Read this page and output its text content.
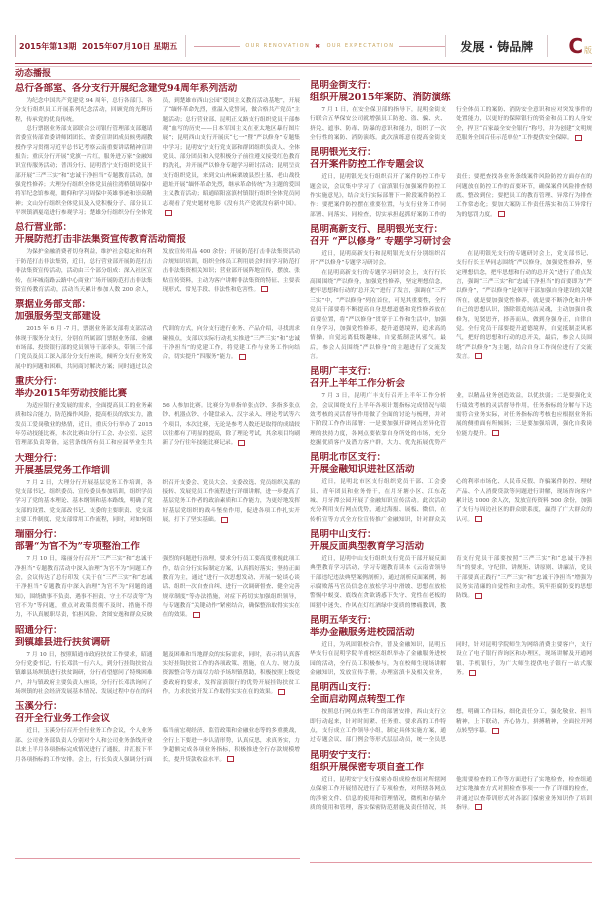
2015年第13期
2015年07月10日
星期五	OUR RENOVATION ✖ OUR EXPECTATION	发展 · 铸品牌	C 版
动态播报
总行各部室、各分支行开展纪念建党94周年系列活动

为纪念中国共产党建党 94 周年，总行各部门、各分支行组织员工开展系列纪念活动，回顾党的光辉历程，传承党的优良传统。

总行票据业务部支部联合公司银行管理部支部邀请省委宣传部省委讲师团团长、省委宣讲团成员候勇副教授作学习贯彻习近平总书记考察云南重要讲话精神宣讲报告；重庆分行开展“党旗一片红，服务进万家”金融知识宣传服务活动；普洱分行、昆明普宁支行组织党员干部开展“三严三实”和“忠诚干净担当”专题教育活动，加强党性修养；大理分行组织全体党员前往湾桥镇周保中将军纪念馆参观，瞻仰和学习周保中英雄事迹和崇高精神；文山分行组织全体党员及入党积极分子、部分员工平坝镇洒戛竜进行参观学习；楚雄分行组织分行全体党员，到楚雄市西山公园“爱国主义教育活动基地”，开展了“缅怀革命先烈，重温入党誓词，做合格共产党员”主题活动；总行营业部、昆明正义路支行组织党员干部参观“血写的历史——日本军国主义在亚太地区暴行图片展”；昆明西山支行开展庆“七一”暨“严以修身”专题集中学习；昆明安宁支行党支部和群团组织负责人、全体党员、部分团员和入党积极分子前往遵义接受红色教育的洗礼，并开展严以修身专题学习研讨活动；昆明呈贡支行组织党员，来到文山州麻栗坡县烈士墓、老山战役遗址开展“缅怀革命先烈，继承革命传统”为主题的爱国主义教育活动；昭通昭阳富滇村镇银行组织全体党员同志观看了党史题材电影《没有共产党就没有新中国》。

总行营业部：
开展防范打击非法集资宣传教育活动简报

为保护金融消费者切身利益，维护社会稳定和有利于防范打击非法集资，近日，总行营业部开展防范打击非法集资宣传活动，活动由三个部分组成：深入社区宣传，在环城南路云路中心商业广场开展防范打击非法集资宣传教育活动，活动当天累计参加人数 200 余人，发放宣传用品 400 余份；开展防范打击非法集资活动合规知识培训，组织全体员工利用晨会时间学习防范打击非法集资相关知识；营业部开展阵地宣传，摆放、张贴宣传资料，主动为客户讲解非法集资的特征、主要表现形式、常见手段、非法性和危害性。

票据业务部支部：
加强服务型支部建设

2015 年 6 月 -7 月，票据业务部支部将支部活动体现于服务分支行，分别在所属部门票据业务部、金融市场部、投资银行部的党员领导干部牵头，带领三个部门党员及员工深入部分分支行座谈，倾听分支行业务发展中的问题和困难，共同商讨解决方案；同时通过以会代训的方式，向分支行进行业务、产品介绍，寻找需求碰撞点，支部以实际行动扎实推进“三严三实”和“忠诚干净担当”的党建工作，将党建工作与业务工作向结合，切实提升“四服务”能力。

重庆分行：
举办2015年劳动技能比赛

为适应银行业发展的需求，全面提高员工的业务素质和综合能力，防范操作风险，提高柜员的软实力，激发员工爱岗敬业的热情，近日，重庆分行举办了 2015 年劳动技能比赛，本次比赛由分行工会、办公室、运营管理部负责筹备，运营条线所有员工和应届毕业生共 56 人参加比赛。比赛分为单指单张点钞、多指多张点钞、机器点钞、小键盘录入、汉字录入、理论考试等六个项目，本次比赛，无论是参考人数还是取得的成绩较以往都有了明显的提高，除了理论考试，其余项目均刷新了分行往年技能比赛记录。

大理分行：
开展基层党务工作培训

7 月 2 日，大理分行开展基层党务工作培训，各党支部书记、组织委员、宣传委员参加培训，组织学员学习了党的基本理论、基本纲领和基本路线，明确了党支部的设置、党支部改书记、支委的主要职责、党支部主要工作制度、党支部常用工作流程，同时，对如何组织召开支委会、党员大会、支委改选、党员组织关系的接转、发展党员工作流程进行详细讲解，进一步提高了基层党务工作者的政治素质和工作能力，为更好地发挥好基层党组织的战斗堡垒作用，促进各项工作扎实开展，打下了坚实基础。

瑞丽分行：
部署“为官不为”专项整治工作

7 月 10 日，瑞丽分行召开“三严三实”和“忠诚干净担当”专题教育活动中深入治理“为官不为”问题工作会，会议传达了总行印发《关于在“三严三实”和“忠诚干净担当”专题教育中深入治理“为官不为”问题的通知》，围绕做事不负责、遇事不担责、守土不尽责等“为官不为”等问题，重点对政策贯彻不及时、措施不得力，不认真履职尽责，怕担风险、贪图安逸和群众反映强烈的问题进行治理，要求分行员工要高度重视此项工作，结合分行实际制定方案，认真抓好落实；坚持正面教育为主，通过“进行一次思想发动、开展一轮谈心谈话、组织一次自查自纠、进行一次调研督查、健全完善规章制度”等办法措施，对症下药切实加强组织领导，与专题教育“关键动作”紧密结合，确保整治取得实实在在的效果。

昭通分行：
到镇雄县进行扶贫调研

7 月 10 日，按照昭通市政府扶贫工作要求，昭通分行党委书记、行长邓洪一行六人，到分行挂钩扶贫点镇雄县场坝镇进行扶贫调研，分行看望慰问了特殊困难户，并与镇政府主要负责人座谈，分行行长邓洪询问了场坝镇的社会经济发展基本情况、发展过程中存在的问题及困难和当地群众的实际需求，同时，表示将认真落实好挂钩扶贫工作的各项政策、措施，在人力、财力及资源整合等方面尽力给予场坝镇帮助，积极按照上级党委政府的要求，发挥富滇银行的优势开展挂钩扶贫工作，力求扶贫开发工作取得实实在在的效果。

玉溪分行：
召开全行业务工作会议

近日，玉溪分行召开全行业务工作会议，个人业务部、公司业务部负责人分别对个人和公司业务条线开业以来上半月各项指标完成情况进行了通报，并汇报下半月各项指标的工作安排。会上，行长负责人强调分行面临当前宏观经济、监管政策和金融业态等的多重挑战，全行上下要进一步认清形势，认真反思，求真务实，力争超额完成各项业务指标，积极推进全行存款规模增长，提升贷款收益水平。

昆明金街支行：
组织开展2015年案防、消防演练

7 月 1 日，在安全保卫部的指导下，昆明金街支行联合五华保安公司就增强员工防抢、盗、骗、火、挤兑、遮事、防毒、防暴的意识和能力，组织了一次全行性的案防、消防演练。此次演练意在提高金街支行全体员工的案防、消防安全意识和应对突发事件的处置能力，以更好的保障银行的资金和员工的人身安全，捍卫“百家最全安全银行”称号，并为创建“文明规范服务全国百佳示范单位”工作提供安全保障。

昆明银光支行：
召开案件防控工作专题会议

近日，昆明银光支行组织召开了案件防控工作专题会议，会议集中学习了《富滇银行加强案件防控工作实施意见》，结合支行实际部署下一阶段案件防控工作：要把案件防控摆在重要位置，与支行业务工作同部署、同落实、同检查，切实承担起抓好案防工作的责任；要把查找各业务条线案件风险防控方面存在的问题放在防控工作的首要环节，确保案件风险排查彻底、整改到位；要把员工的教育管理、异常行为排查工作常态化；要加大案防工作责任落实和员工异常行为的惩罚力度。

昆明高新支行、昆明银光支行：
召开 “严以修身” 专题学习研讨会

近日，昆明高新支行和昆明银光支行分别组织召开“严以修身”专题学习研讨会。

在昆明高新支行的专题学习研讨会上，支行行长高围围绕“严以修身，加强党性修养，坚定理想信念，把牢思想和行动的‘总开关’”进行了发言，强调在“三严三实”中，“严以修身”列在首位，可见其重要性，全行党员干部要将不断提高自身思想道德和党性修养放在首要位置，将“严以修身”贯穿于工作和生活中，加强自身学习，加强党性修养，提升道德境界，追求高尚情操，自觉远离低级趣味，自觉抵制歪风邪气。最后，参会人员围绕“严以修身”的主题进行了交流发言。

在昆明银光支行的专题研讨会上，党支部书记、支行行长王华同志围绕“严以修身，加强党性修养，坚定理想信念，把牢思想和行动的总开关”进行了重点发言，强调“三严三实”和“忠诚干净担当”的首要即为“严以修身”，“严以修身”是领导干部加强自身建设的关键所在，就是要加强党性修养，就是要不断净化和升华自己的思想认识，涤除银造纯洁灵魂，主动加强自我修为，见贤思齐，择善而从，做到身强身正，自律自觉。全行党员干部要提升道德境界，自觉抵制歪风邪气，把好的思想和行动的总开关，最后，参会人员围绕“严以修身”为主题，结合自身工作岗位进行了交流发言。

昆明广丰支行：
召开上半年工作分析会

7 月 3 日，昆明广丰支行召开上半年工作分析会，会议围绕支行上半年各项计划指标完成情况与绩效考核的灵活督导作用做了全面的讨论与梳理，并对下阶段工作作出部署：一是要加强开辟网点差异化管理的扶持力度，各网点要依靠自身所处的市场，充分挖掘优质客户及潜力客户群，大力、优先拓展优势产业，以精品业务创造效益，以优扶弱；二是要强化支行绩效考核的灵活督导作用，任务指标的分解与下达需符合业务实际，对任务指标的考核也应根据业务拓展的侧重面有所倾斜；三是要加强培训，强化自我岗位能力提升。

昆明北市区支行：
开展金融知识进社区活动

近日，昆明北市区支行组织党员干部、工会委员、青年团员和业务骨干，在月牙塘小区、江东花城、月牙潭公园开展了金融知识宣传活动。此次活动充分利用支行网点优势，通过海报、展板、微信，在传析宣等方式全方位宣传推广金融知识，针对群众关心的利率市场化、人民币反假、诈骗案件防控、理财产品、个人消费贷款等问题进行讲解，现场咨询客户累计达 1000 余人次，发放宣传资料 500 余份，加强了支行与周边社区的群众联系度，赢得了广大群众的认可。

昆明中山支行：
开展反面典型教育学习活动

近日，昆明中山支行组织支行党员干部开展反面典型教育学习活动，学习专题教育读本《云南省领导干部违纪违法典型案例剖析》，通过剖析反面案例，揭示腐败落马官员信念在放松学习中滑坡、思想在放松警惕中蜕变、底线在贪欲诱惑下失守、党性在老板的围猎中迷失、作风在灯红酒绿中变质的惨痛教训，教育支行党员干部要按照“三严三实”和“忠诚干净担当”的要求，守纪律、讲规矩、讲原则、讲廉洁，党员干部要真正践行“三严三实”和“忠诚干净担当”增强为民务实清廉的自觉性和主动性，筑牢拒腐防变的思想防线。

昆明五华支行：
举办金融服务进校园活动

近日，为巩固银校合作，普及金融知识，昆明五华支行在昆明学院羊甫校区组织举办了金融服务进校园的活动，全行员工积极参与，为在校师生现场讲解金融知识，发放宣传手册，办理富滇卡及相关业务，同时，针对昆明学院师生为网络消费主要客户，支行设立了电子银行咨询区和办理区，现场讲解及开通网银、手机银行，为广大师生提供电子银行一站式服务。

昆明西山支行：
全面启动网点转型工作

按照总行网点转型工作的部署安排，西山支行立即行动起来，针对时间紧、任务重、要求高的工作特点，支行成立工作领导小组，制定具体实施方案，通过专题会议、部门例会等形式层层动员，统一全员思想，明确工作目标，细化责任分工，强化敬业、担当精神，上下联动，齐心协力，拼搏精神，全面拉开网点转型序幕。

昆明安宁支行：
组织开展保密专项自查工作

近日，昆明安宁支行保密办组成检查组对所辖网点保密工作开展情况进行了专项检查，对所辖各网点的涉密文件、信息的使用和管理情况，微机和存储介质的使用和管理，落实保密防范措施及责任情况，其他需要检查的工作等方面进行了实地检查，检查组通过实地抽查方式对照检查事项一一作了详细的检查，并通过以查带训形式对各部门保密业务知识作了培训指导。
